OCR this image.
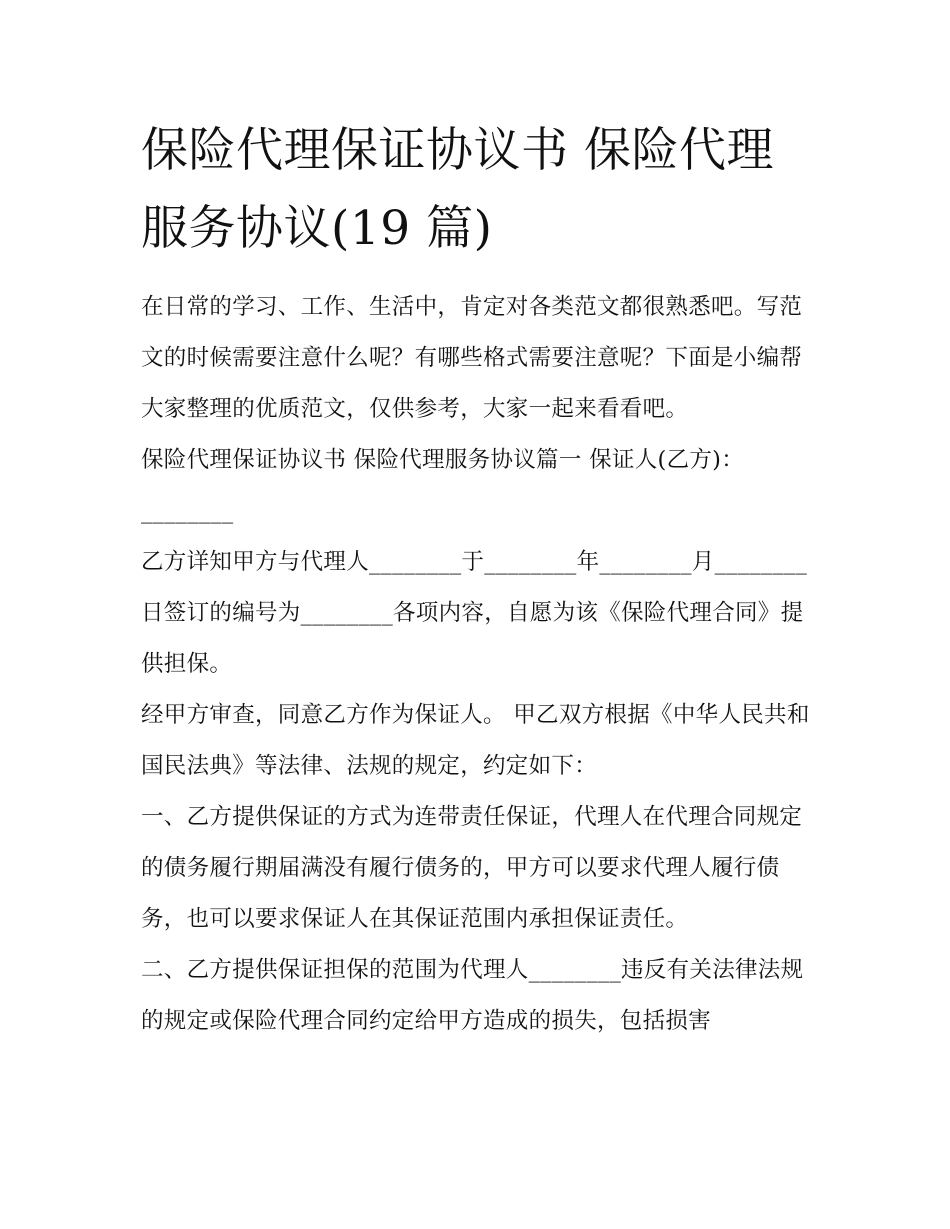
保险代理保证协议书 保险代理服务协议(19 篇)

在日常的学习、工作、生活中，肯定对各类范文都很熟悉吧。写范文的时候需要注意什么呢？有哪些格式需要注意呢？下面是小编帮大家整理的优质范文，仅供参考，大家一起来看看吧。

保险代理保证协议书 保险代理服务协议篇一 保证人(乙方)：________

乙方详知甲方与代理人________于________年________月________日签订的编号为________各项内容，自愿为该《保险代理合同》提供担保。

经甲方审查，同意乙方作为保证人。 甲乙双方根据《中华人民共和国民法典》等法律、法规的规定，约定如下：

一、乙方提供保证的方式为连带责任保证，代理人在代理合同规定的债务履行期届满没有履行债务的，甲方可以要求代理人履行债务，也可以要求保证人在其保证范围内承担保证责任。

二、乙方提供保证担保的范围为代理人________违反有关法律法规的规定或保险代理合同约定给甲方造成的损失，包括损害
